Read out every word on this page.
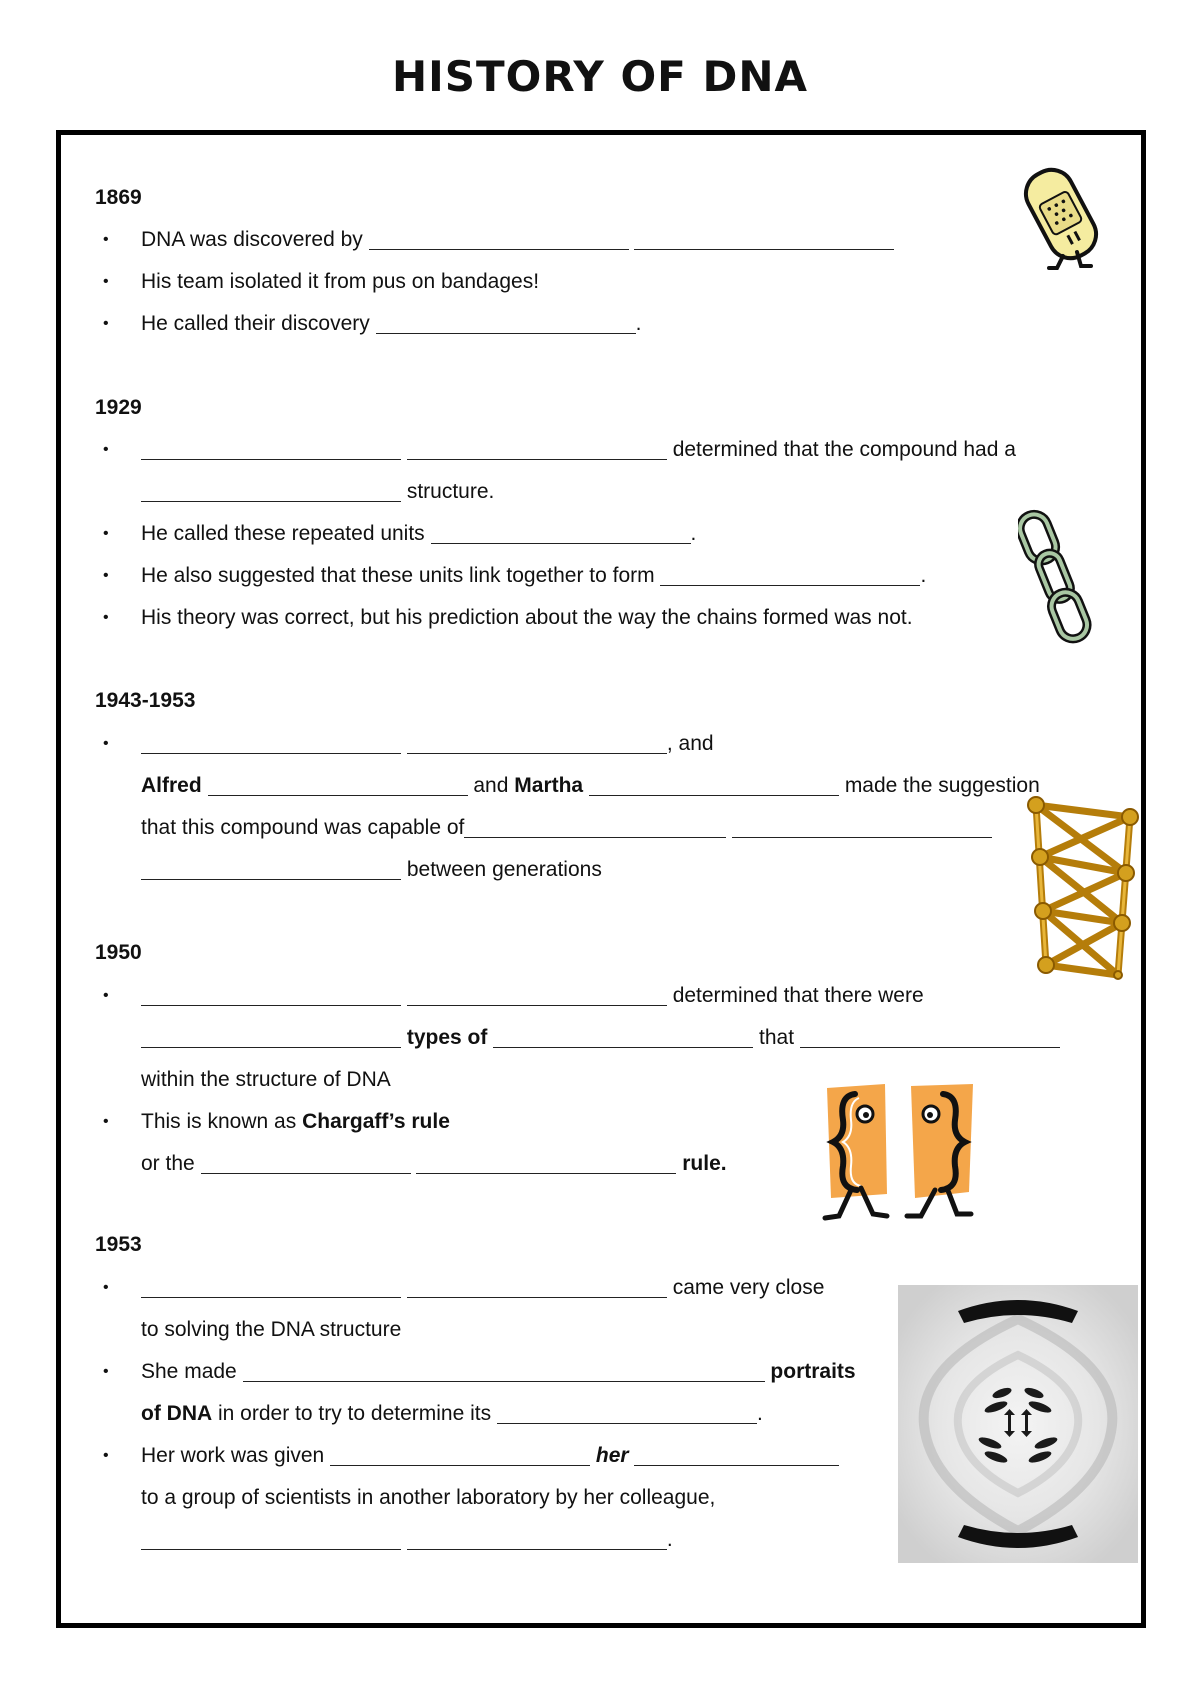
HISTORY OF DNA
1869
• DNA was discovered by
• His team isolated it from pus on bandages!
• He called their discovery	.
1929
•	determined that the compound had a
structure.
• He called these repeated units	.
• He also suggested that these units link together to form	.
• His theory was correct, but his prediction about the way the chains formed was not.
1943-1953
•	, and
Alfred	and Martha	made the suggestion
that this compound was capable of
between generations
1950
•	determined that there were
types of	that
within the structure of DNA
• This is known as Chargaff’s rule
or the	rule.
1953
•	came very close
to solving the DNA structure
• She made	portraits
of DNA in order to try to determine its	.
• Her work was given	her
to a group of scientists in another laboratory by her colleague,
.
